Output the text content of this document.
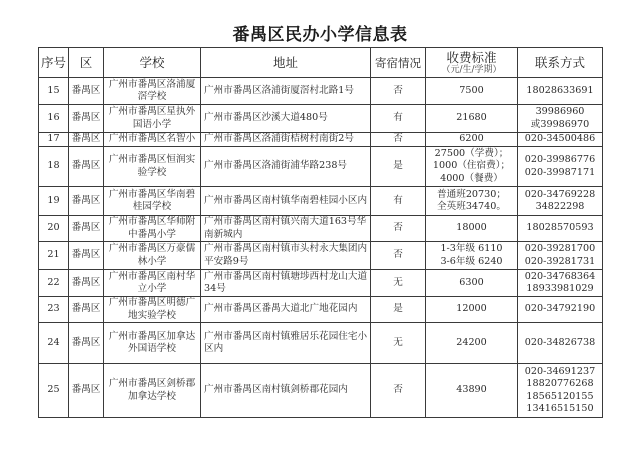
番禺区民办小学信息表
序号	区	学校	地址	寄宿情况	收费标准
（元/生/学期）	联系方式
15	番禺区	广州市番禺区洛浦厦滘学校	广州市番禺区洛浦街厦滘村北路1号	否	7500	18028633691

16	番禺区	广州市番禺区星执外国语小学	广州市番禺区沙溪大道480号	有	21680	39986960
或39986970

17	番禺区	广州市番禺区名智小	广州市番禺区洛浦街桔树村南街2号	否	6200	020-34500486

18	番禺区	广州市番禺区恒润实验学校	广州市番禺区洛浦街浦华路238号	是	27500（学费）；
1000（住宿费）；
4000（餐费）	020-39986776
020-39987171

19	番禺区	广州市番禺区华南碧桂园学校	广州市番禺区南村镇华南碧桂园小区内	有	普通班20730；
全英班34740。	020-34769228
34822298

20	番禺区	广州市番禺区华师附中番禺小学	广州市番禺区南村镇兴南大道163号华南新城内	否	18000	18028570593

21	番禺区	广州市番禺区万豪儒林小学	广州市番禺区南村镇市头村永大集团内平安路9号	否	1-3年级 6110
3-6年级 6240	020-39281700
020-39281731

22	番禺区	广州市番禺区南村华立小学	广州市番禺区南村镇塘埗西村龙山大道34号	无	6300	020-34768364
18933981029

23	番禺区	广州市番禺区明德广地实验学校	广州市番禺区番禺大道北广地花园内	是	12000	020-34792190

24	番禺区	广州市番禺区加拿达外国语学校	广州市番禺区南村镇雅居乐花园住宅小区内	无	24200	020-34826738

25	番禺区	广州市番禺区剑桥郡加拿达学校	广州市番禺区南村镇剑桥郡花园内	否	43890	020-34691237
18820776268
18565120155
13416515150
